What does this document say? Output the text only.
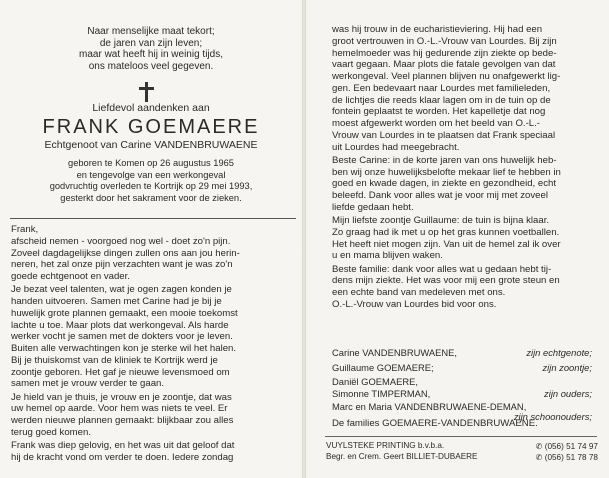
Naar menselijke maat tekort;
de jaren van zijn leven;
maar wat heeft hij in weinig tijds,
ons mateloos veel gegeven.
Liefdevol aandenken aan
FRANK GOEMAERE
Echtgenoot van Carine VANDENBRUWAENE
geboren te Komen op 26 augustus 1965
en tengevolge van een werkongeval
godvruchtig overleden te Kortrijk op 29 mei 1993,
gesterkt door het sakrament voor de zieken.

Frank,

afscheid nemen - voorgoed nog wel - doet zo'n pijn.

Zoveel dagdagelijkse dingen zullen ons aan jou herin-

neren, het zal onze pijn verzachten want je was zo'n

goede echtgenoot en vader.

Je bezat veel talenten, wat je ogen zagen konden je

handen uitvoeren. Samen met Carine had je bij je

huwelijk grote plannen gemaakt, een mooie toekomst

lachte u toe. Maar plots dat werkongeval. Als harde

werker vocht je samen met de dokters voor je leven.

Buiten alle verwachtingen kon je sterke wil het halen.

Bij je thuiskomst van de kliniek te Kortrijk werd je

zoontje geboren. Het gaf je nieuwe levensmoed om

samen met je vrouw verder te gaan.

Je hield van je thuis, je vrouw en je zoontje, dat was

uw hemel op aarde. Voor hem was niets te veel. Er

werden nieuwe plannen gemaakt: blijkbaar zou alles

terug goed komen.

Frank was diep gelovig, en het was uit dat geloof dat

hij de kracht vond om verder te doen. Iedere zondag

was hij trouw in de eucharistieviering. Hij had een

groot vertrouwen in O.-L.-Vrouw van Lourdes. Bij zijn

hemelmoeder was hij gedurende zijn ziekte op bede-

vaart gegaan. Maar plots die fatale gevolgen van dat

werkongeval. Veel plannen blijven nu onafgewerkt lig-

gen. Een bedevaart naar Lourdes met familieleden,

de lichtjes die reeds klaar lagen om in de tuin op de

fontein geplaatst te worden. Het kapelletje dat nog

moest afgewerkt worden om het beeld van O.-L.-

Vrouw van Lourdes in te plaatsen dat Frank speciaal

uit Lourdes had meegebracht.

Beste Carine: in de korte jaren van ons huwelijk heb-

ben wij onze huwelijksbelofte mekaar lief te hebben in

goed en kwade dagen, in ziekte en gezondheid, echt

beleefd. Dank voor alles wat je voor mij met zoveel

liefde gedaan hebt.

Mijn liefste zoontje Guillaume: de tuin is bijna klaar.

Zo graag had ik met u op het gras kunnen voetballen.

Het heeft niet mogen zijn. Van uit de hemel zal ik over

u en mama blijven waken.

Beste familie: dank voor alles wat u gedaan hebt tij-

dens mijn ziekte. Het was voor mij een grote steun en

een echte band van medeleven met ons.

O.-L.-Vrouw van Lourdes bid voor ons.

Carine VANDENBRUWAENE,	zijn echtgenote;
Guillaume GOEMAERE;	zijn zoontje;
Daniël GOEMAERE,
Simonne TIMPERMAN,	zijn ouders;
Marc en Maria VANDENBRUWAENE-DEMAN,
zijn schoonouders;
De families GOEMAERE-VANDENBRUWAENE.
VUYLSTEKE PRINTING b.v.b.a.	✆ (056) 51 74 97
Begr. en Crem. Geert BILLIET-DUBAERE	✆ (056) 51 78 78
